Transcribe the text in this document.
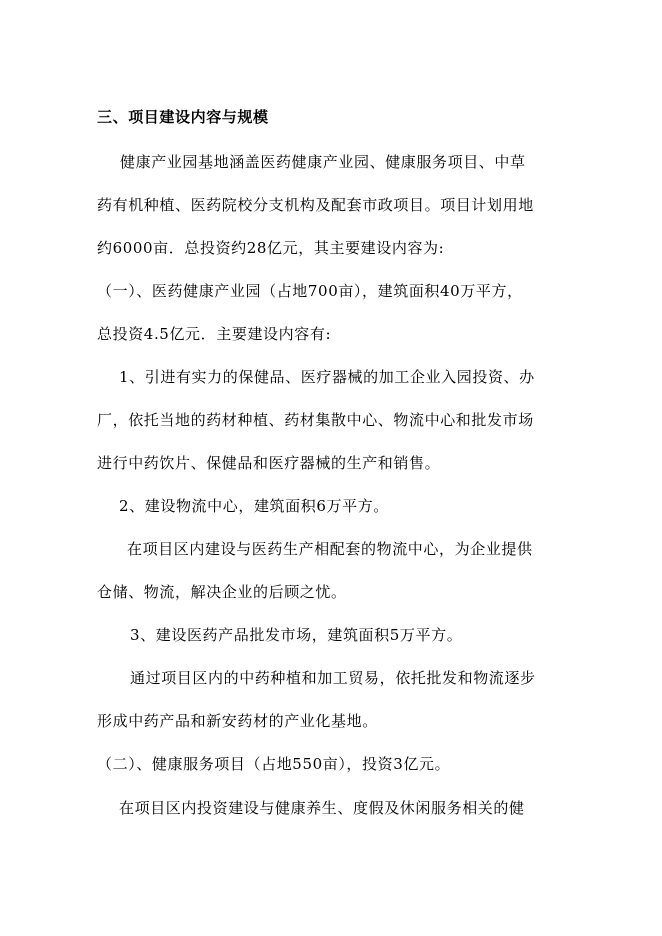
三、项目建设内容与规模
健康产业园基地涵盖医药健康产业园、健康服务项目、中草
药有机种植、医药院校分支机构及配套市政项目。项目计划用地
约6000亩．总投资约28亿元，其主要建设内容为:
（一）、医药健康产业园（占地700亩），建筑面积40万平方，
总投资4.5亿元．主要建设内容有:
1、引进有实力的保健品、医疗器械的加工企业入园投资、办
厂，依托当地的药材种植、药材集散中心、物流中心和批发市场
进行中药饮片、保健品和医疗器械的生产和销售。
2、建设物流中心，建筑面积6万平方。
在项目区内建设与医药生产相配套的物流中心，为企业提供
仓储、物流，解决企业的后顾之忧。
3、建设医药产品批发市场，建筑面积5万平方。
通过项目区内的中药种植和加工贸易，依托批发和物流逐步
形成中药产品和新安药材的产业化基地。
（二）、健康服务项目（占地550亩），投资3亿元。
在项目区内投资建设与健康养生、度假及休闲服务相关的健
